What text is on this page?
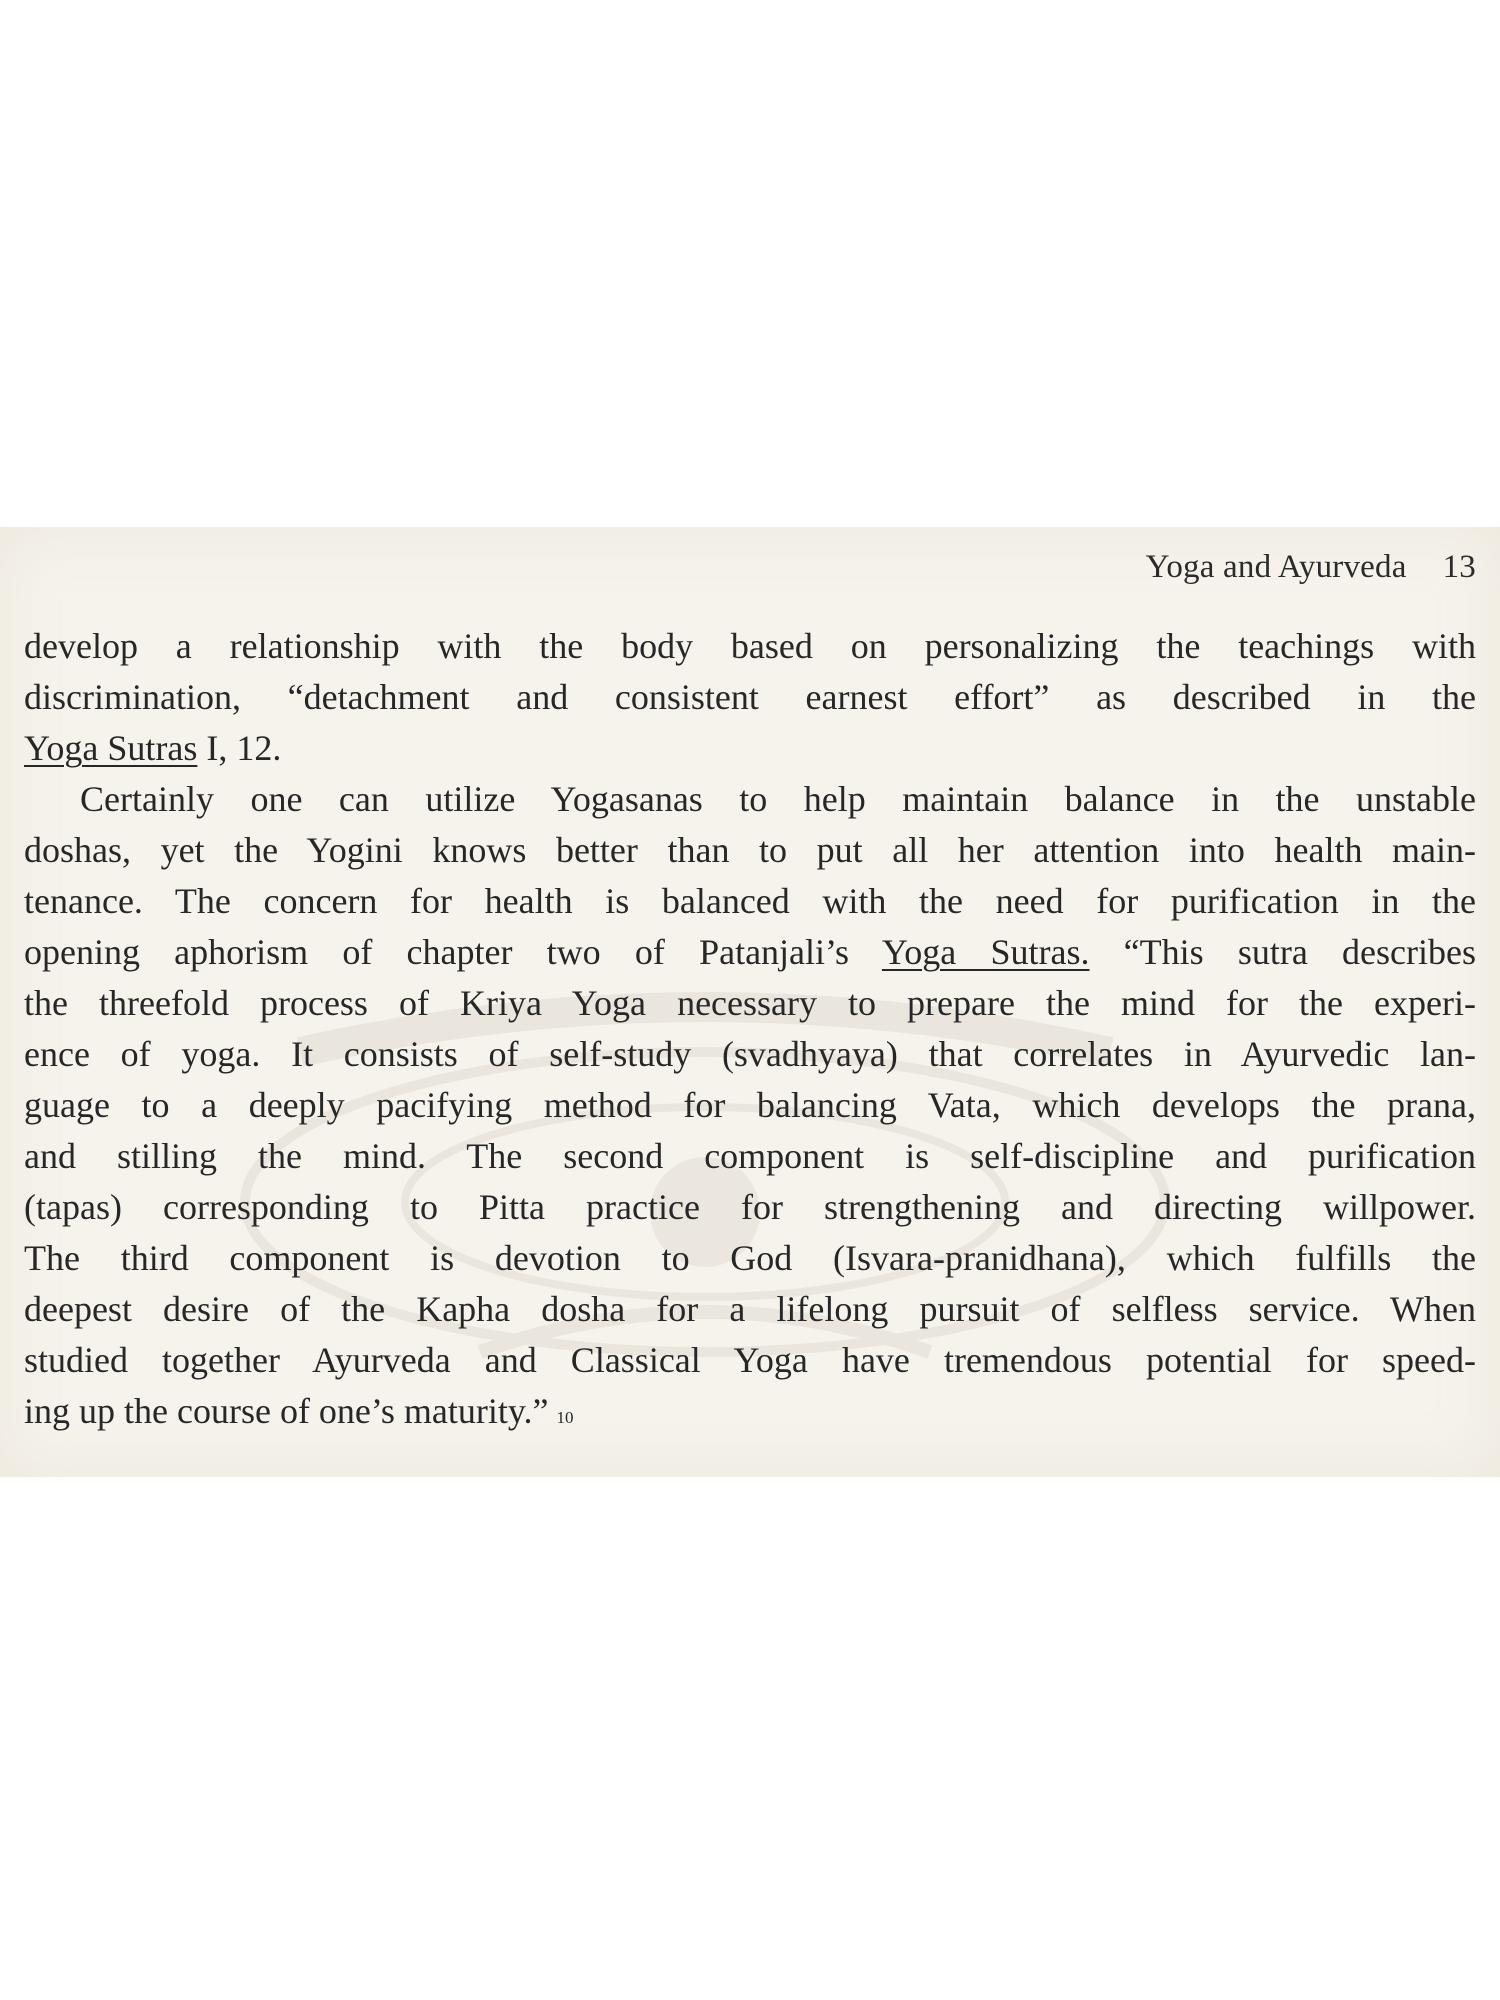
Yoga and Ayurveda 13
develop a relationship with the body based on personalizing the teachings with
discrimination, “detachment and consistent earnest effort” as described in the
Yoga Sutras I, 12.
Certainly one can utilize Yogasanas to help maintain balance in the unstable
doshas, yet the Yogini knows better than to put all her attention into health main-
tenance. The concern for health is balanced with the need for purification in the
opening aphorism of chapter two of Patanjali’s Yoga Sutras. “This sutra describes
the threefold process of Kriya Yoga necessary to prepare the mind for the experi-
ence of yoga. It consists of self-study (svadhyaya) that correlates in Ayurvedic lan-
guage to a deeply pacifying method for balancing Vata, which develops the prana,
and stilling the mind. The second component is self-discipline and purification
(tapas) corresponding to Pitta practice for strengthening and directing willpower.
The third component is devotion to God (Isvara-pranidhana), which fulfills the
deepest desire of the Kapha dosha for a lifelong pursuit of selfless service. When
studied together Ayurveda and Classical Yoga have tremendous potential for speed-
ing up the course of one’s maturity.” $^{10}$
